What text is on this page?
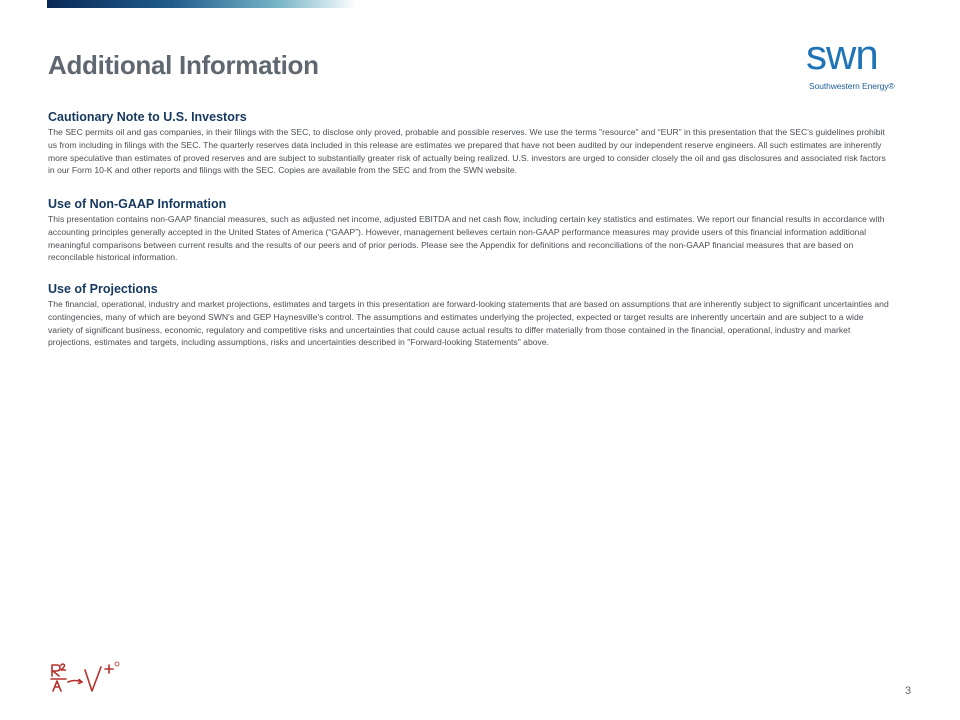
Additional Information	swn
Southwestern Energy®
Cautionary Note to U.S. Investors

The SEC permits oil and gas companies, in their filings with the SEC, to disclose only proved, probable and possible reserves. We use the terms "resource" and “EUR” in this presentation that the SEC's guidelines prohibit us from including in filings with the SEC. The quarterly reserves data included in this release are estimates we prepared that have not been audited by our independent reserve engineers. All such estimates are inherently more speculative than estimates of proved reserves and are subject to substantially greater risk of actually being realized. U.S. investors are urged to consider closely the oil and gas disclosures and associated risk factors in our Form 10-K and other reports and filings with the SEC. Copies are available from the SEC and from the SWN website.

Use of Non-GAAP Information

This presentation contains non-GAAP financial measures, such as adjusted net income, adjusted EBITDA and net cash flow, including certain key statistics and estimates. We report our financial results in accordance with accounting principles generally accepted in the United States of America (“GAAP”). However, management believes certain non-GAAP performance measures may provide users of this financial information additional meaningful comparisons between current results and the results of our peers and of prior periods. Please see the Appendix for definitions and reconciliations of the non-GAAP financial measures that are based on reconcilable historical information.

Use of Projections

The financial, operational, industry and market projections, estimates and targets in this presentation are forward-looking statements that are based on assumptions that are inherently subject to significant uncertainties and contingencies, many of which are beyond SWN's and GEP Haynesville's control. The assumptions and estimates underlying the projected, expected or target results are inherently uncertain and are subject to a wide variety of significant business, economic, regulatory and competitive risks and uncertainties that could cause actual results to differ materially from those contained in the financial, operational, industry and market projections, estimates and targets, including assumptions, risks and uncertainties described in "Forward-looking Statements" above.

3
